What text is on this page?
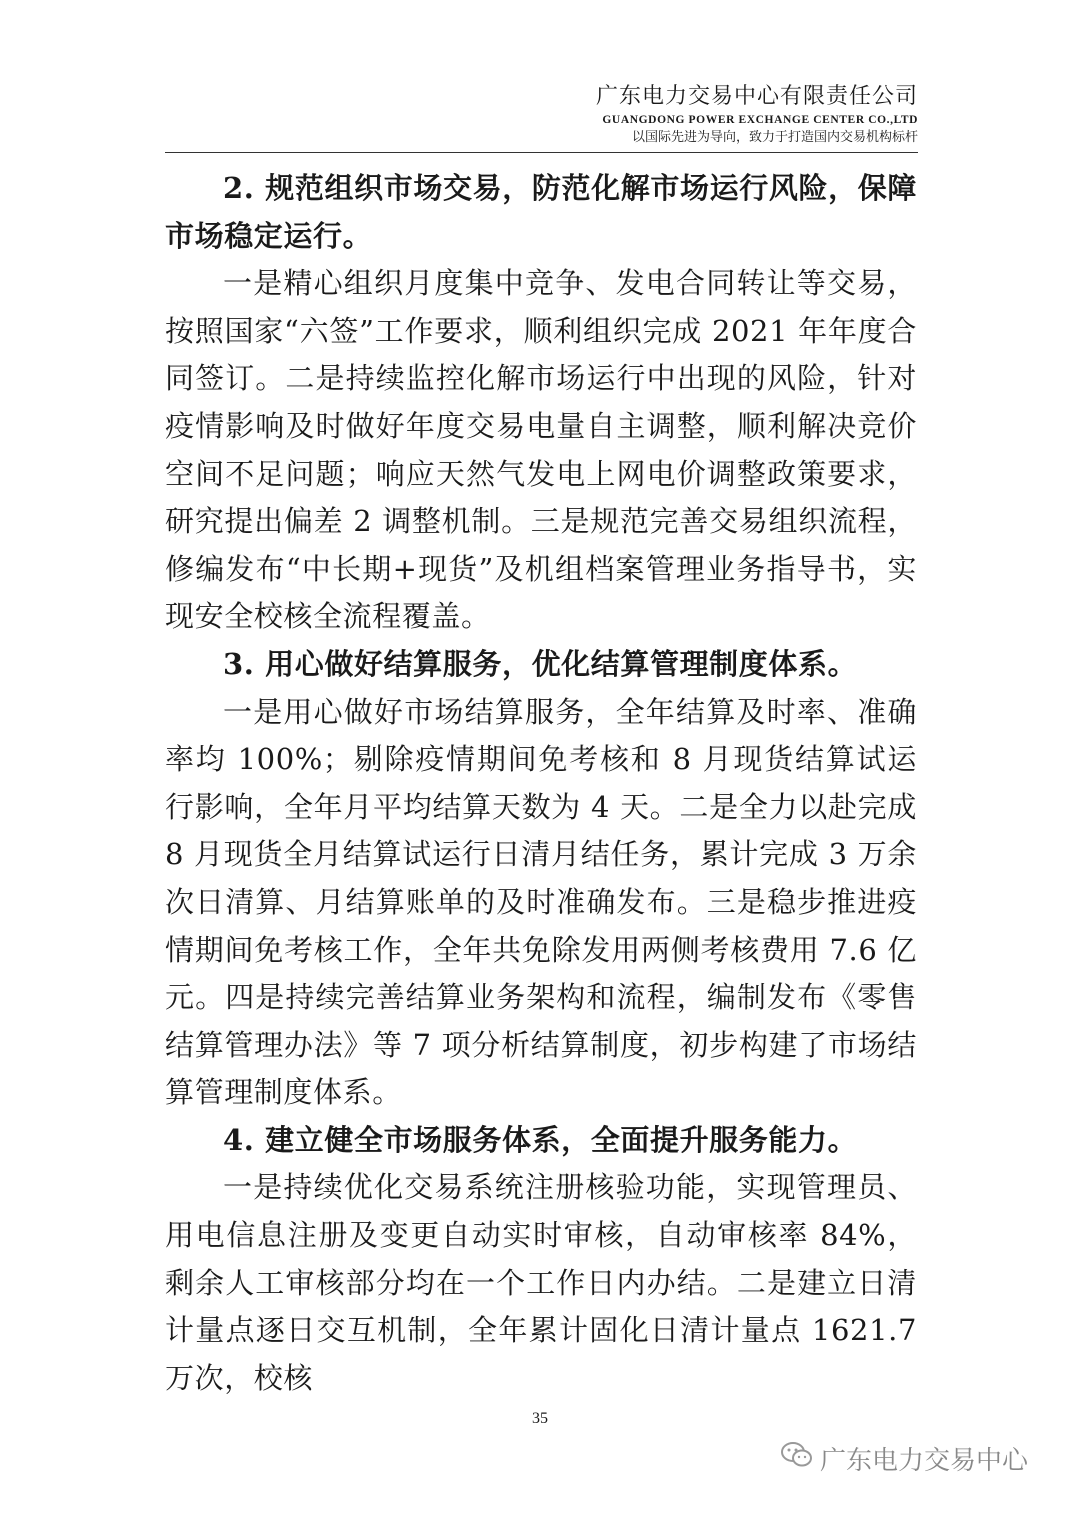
广东电力交易中心有限责任公司
GUANGDONG POWER EXCHANGE CENTER CO.,LTD
以国际先进为导向，致力于打造国内交易机构标杆

2. 规范组织市场交易，防范化解市场运行风险，保障市场稳定运行。

一是精心组织月度集中竞争、发电合同转让等交易，按照国家“六签”工作要求，顺利组织完成 2021 年年度合同签订。二是持续监控化解市场运行中出现的风险，针对疫情影响及时做好年度交易电量自主调整，顺利解决竞价空间不足问题；响应天然气发电上网电价调整政策要求，研究提出偏差 2 调整机制。三是规范完善交易组织流程，修编发布“中长期+现货”及机组档案管理业务指导书，实现安全校核全流程覆盖。

3. 用心做好结算服务，优化结算管理制度体系。

一是用心做好市场结算服务，全年结算及时率、准确率均 100%；剔除疫情期间免考核和 8 月现货结算试运行影响，全年月平均结算天数为 4 天。二是全力以赴完成 8 月现货全月结算试运行日清月结任务，累计完成 3 万余次日清算、月结算账单的及时准确发布。三是稳步推进疫情期间免考核工作，全年共免除发用两侧考核费用 7.6 亿元。四是持续完善结算业务架构和流程，编制发布《零售结算管理办法》等 7 项分析结算制度，初步构建了市场结算管理制度体系。

4. 建立健全市场服务体系，全面提升服务能力。

一是持续优化交易系统注册核验功能，实现管理员、用电信息注册及变更自动实时审核，自动审核率 84%，剩余人工审核部分均在一个工作日内办结。二是建立日清计量点逐日交互机制，全年累计固化日清计量点 1621.7 万次，校核

35
广东电力交易中心
